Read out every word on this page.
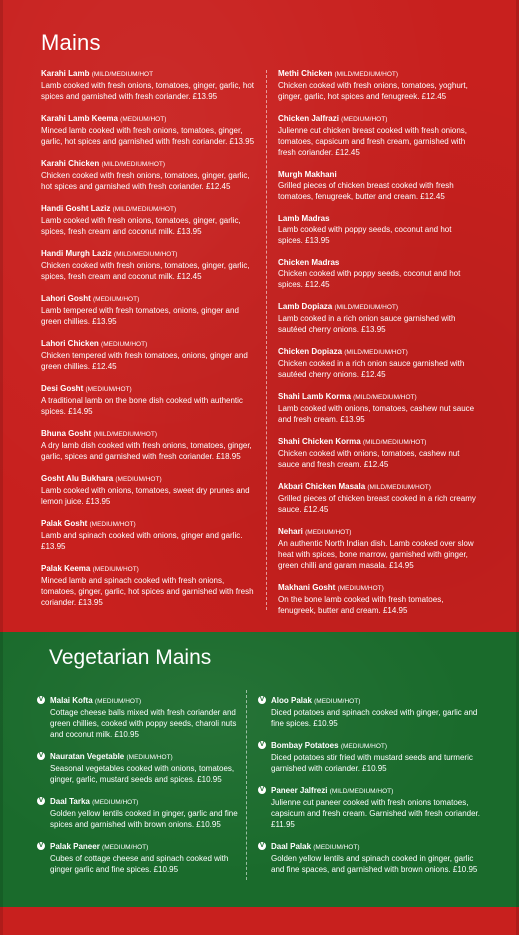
Mains
Karahi Lamb (MILD/MEDIUM/HOT
Lamb cooked with fresh onions, tomatoes, ginger, garlic, hot spices and garnished with fresh coriander. £13.95
Karahi Lamb Keema (MEDIUM/HOT)
Minced lamb cooked with fresh onions, tomatoes, ginger, garlic, hot spices and garnished with fresh coriander. £13.95
Karahi Chicken (MILD/MEDIUM/HOT)
Chicken cooked with fresh onions, tomatoes, ginger, garlic, hot spices and garnished with fresh coriander. £12.45
Handi Gosht Laziz (MILD/MEDIUM/HOT)
Lamb cooked with fresh onions, tomatoes, ginger, garlic, spices, fresh cream and coconut milk. £13.95
Handi Murgh Laziz (MILD/MEDIUM/HOT)
Chicken cooked with fresh onions, tomatoes, ginger, garlic, spices, fresh cream and coconut milk. £12.45
Lahori Gosht (MEDIUM/HOT)
Lamb tempered with fresh tomatoes, onions, ginger and green chillies. £13.95
Lahori Chicken (MEDIUM/HOT)
Chicken tempered with fresh tomatoes, onions, ginger and green chillies. £12.45
Desi Gosht (MEDIUM/HOT)
A traditional lamb on the bone dish cooked with authentic spices. £14.95
Bhuna Gosht (MILD/MEDIUM/HOT)
A dry lamb dish cooked with fresh onions, tomatoes, ginger, garlic, spices and garnished with fresh coriander. £18.95
Gosht Alu Bukhara (MEDIUM/HOT)
Lamb cooked with onions, tomatoes, sweet dry prunes and lemon juice. £13.95
Palak Gosht (MEDIUM/HOT)
Lamb and spinach cooked with onions, ginger and garlic. £13.95
Palak Keema (MEDIUM/HOT)
Minced lamb and spinach cooked with fresh onions, tomatoes, ginger, garlic, hot spices and garnished with fresh coriander. £13.95
Methi Chicken (MILD/MEDIUM/HOT)
Chicken cooked with fresh onions, tomatoes, yoghurt, ginger, garlic, hot spices and fenugreek. £12.45
Chicken Jalfrazi (MEDIUM/HOT)
Julienne cut chicken breast cooked with fresh onions, tomatoes, capsicum and fresh cream, garnished with fresh coriander. £12.45
Murgh Makhani
Grilled pieces of chicken breast cooked with fresh tomatoes, fenugreek, butter and cream. £12.45
Lamb Madras
Lamb cooked with poppy seeds, coconut and hot spices. £13.95
Chicken Madras
Chicken cooked with poppy seeds, coconut and hot spices. £12.45
Lamb Dopiaza (MILD/MEDIUM/HOT)
Lamb cooked in a rich onion sauce garnished with sautéed cherry onions. £13.95
Chicken Dopiaza (MILD/MEDIUM/HOT)
Chicken cooked in a rich onion sauce garnished with sautéed cherry onions. £12.45
Shahi Lamb Korma (MILD/MEDIUM/HOT)
Lamb cooked with onions, tomatoes, cashew nut sauce and fresh cream. £13.95
Shahi Chicken Korma (MILD/MEDIUM/HOT)
Chicken cooked with onions, tomatoes, cashew nut sauce and fresh cream. £12.45
Akbari Chicken Masala (MILD/MEDIUM/HOT)
Grilled pieces of chicken breast cooked in a rich creamy sauce. £12.45
Nehari (MEDIUM/HOT)
An authentic North Indian dish. Lamb cooked over slow heat with spices, bone marrow, garnished with ginger, green chilli and garam masala. £14.95
Makhani Gosht (MEDIUM/HOT)
On the bone lamb cooked with fresh tomatoes, fenugreek, butter and cream. £14.95
Vegetarian Mains
V Malai Kofta (MEDIUM/HOT)
Cottage cheese balls mixed with fresh coriander and green chillies, cooked with poppy seeds, charoli nuts and coconut milk. £10.95
V Nauratan Vegetable (MEDIUM/HOT)
Seasonal vegetables cooked with onions, tomatoes, ginger, garlic, mustard seeds and spices. £10.95
V Daal Tarka (MEDIUM/HOT)
Golden yellow lentils cooked in ginger, garlic and fine spices and garnished with brown onions. £10.95
V Palak Paneer (MEDIUM/HOT)
Cubes of cottage cheese and spinach cooked with ginger garlic and fine spices. £10.95
V Aloo Palak (MEDIUM/HOT)
Diced potatoes and spinach cooked with ginger, garlic and fine spices. £10.95
V Bombay Potatoes (MEDIUM/HOT)
Diced potatoes stir fried with mustard seeds and turmeric garnished with coriander. £10.95
V Paneer Jalfrezi (MILD/MEDIUM/HOT)
Julienne cut paneer cooked with fresh onions tomatoes, capsicum and fresh cream. Garnished with fresh coriander. £11.95
V Daal Palak (MEDIUM/HOT)
Golden yellow lentils and spinach cooked in ginger, garlic and fine spaces, and garnished with brown onions. £10.95
